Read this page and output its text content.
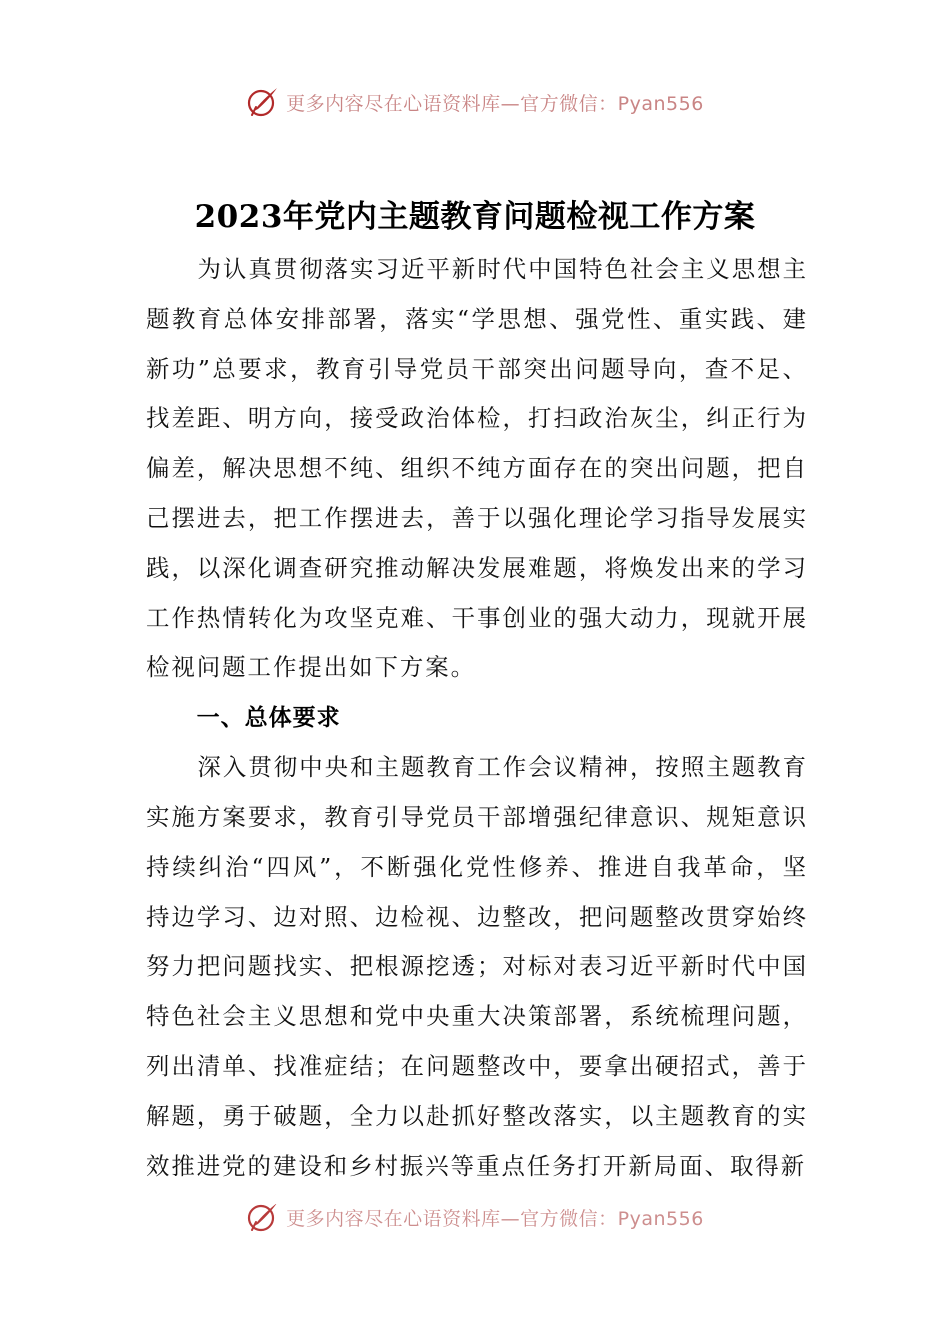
更多内容尽在心语资料库—官方微信：Pyan556
2023年党内主题教育问题检视工作方案

为认真贯彻落实习近平新时代中国特色社会主义思想主题教育总体安排部署，落实“学思想、强党性、重实践、建新功”总要求，教育引导党员干部突出问题导向，查不足、找差距、明方向，接受政治体检，打扫政治灰尘，纠正行为偏差，解决思想不纯、组织不纯方面存在的突出问题，把自己摆进去，把工作摆进去，善于以强化理论学习指导发展实践，以深化调查研究推动解决发展难题，将焕发出来的学习工作热情转化为攻坚克难、干事创业的强大动力，现就开展检视问题工作提出如下方案。

一、总体要求

深入贯彻中央和主题教育工作会议精神，按照主题教育实施方案要求，教育引导党员干部增强纪律意识、规矩意识持续纠治“四风”，不断强化党性修养、推进自我革命，坚持边学习、边对照、边检视、边整改，把问题整改贯穿始终努力把问题找实、把根源挖透；对标对表习近平新时代中国特色社会主义思想和党中央重大决策部署，系统梳理问题，列出清单、找准症结；在问题整改中，要拿出硬招式，善于解题，勇于破题，全力以赴抓好整改落实，以主题教育的实效推进党的建设和乡村振兴等重点任务打开新局面、取得新

更多内容尽在心语资料库—官方微信：Pyan556
